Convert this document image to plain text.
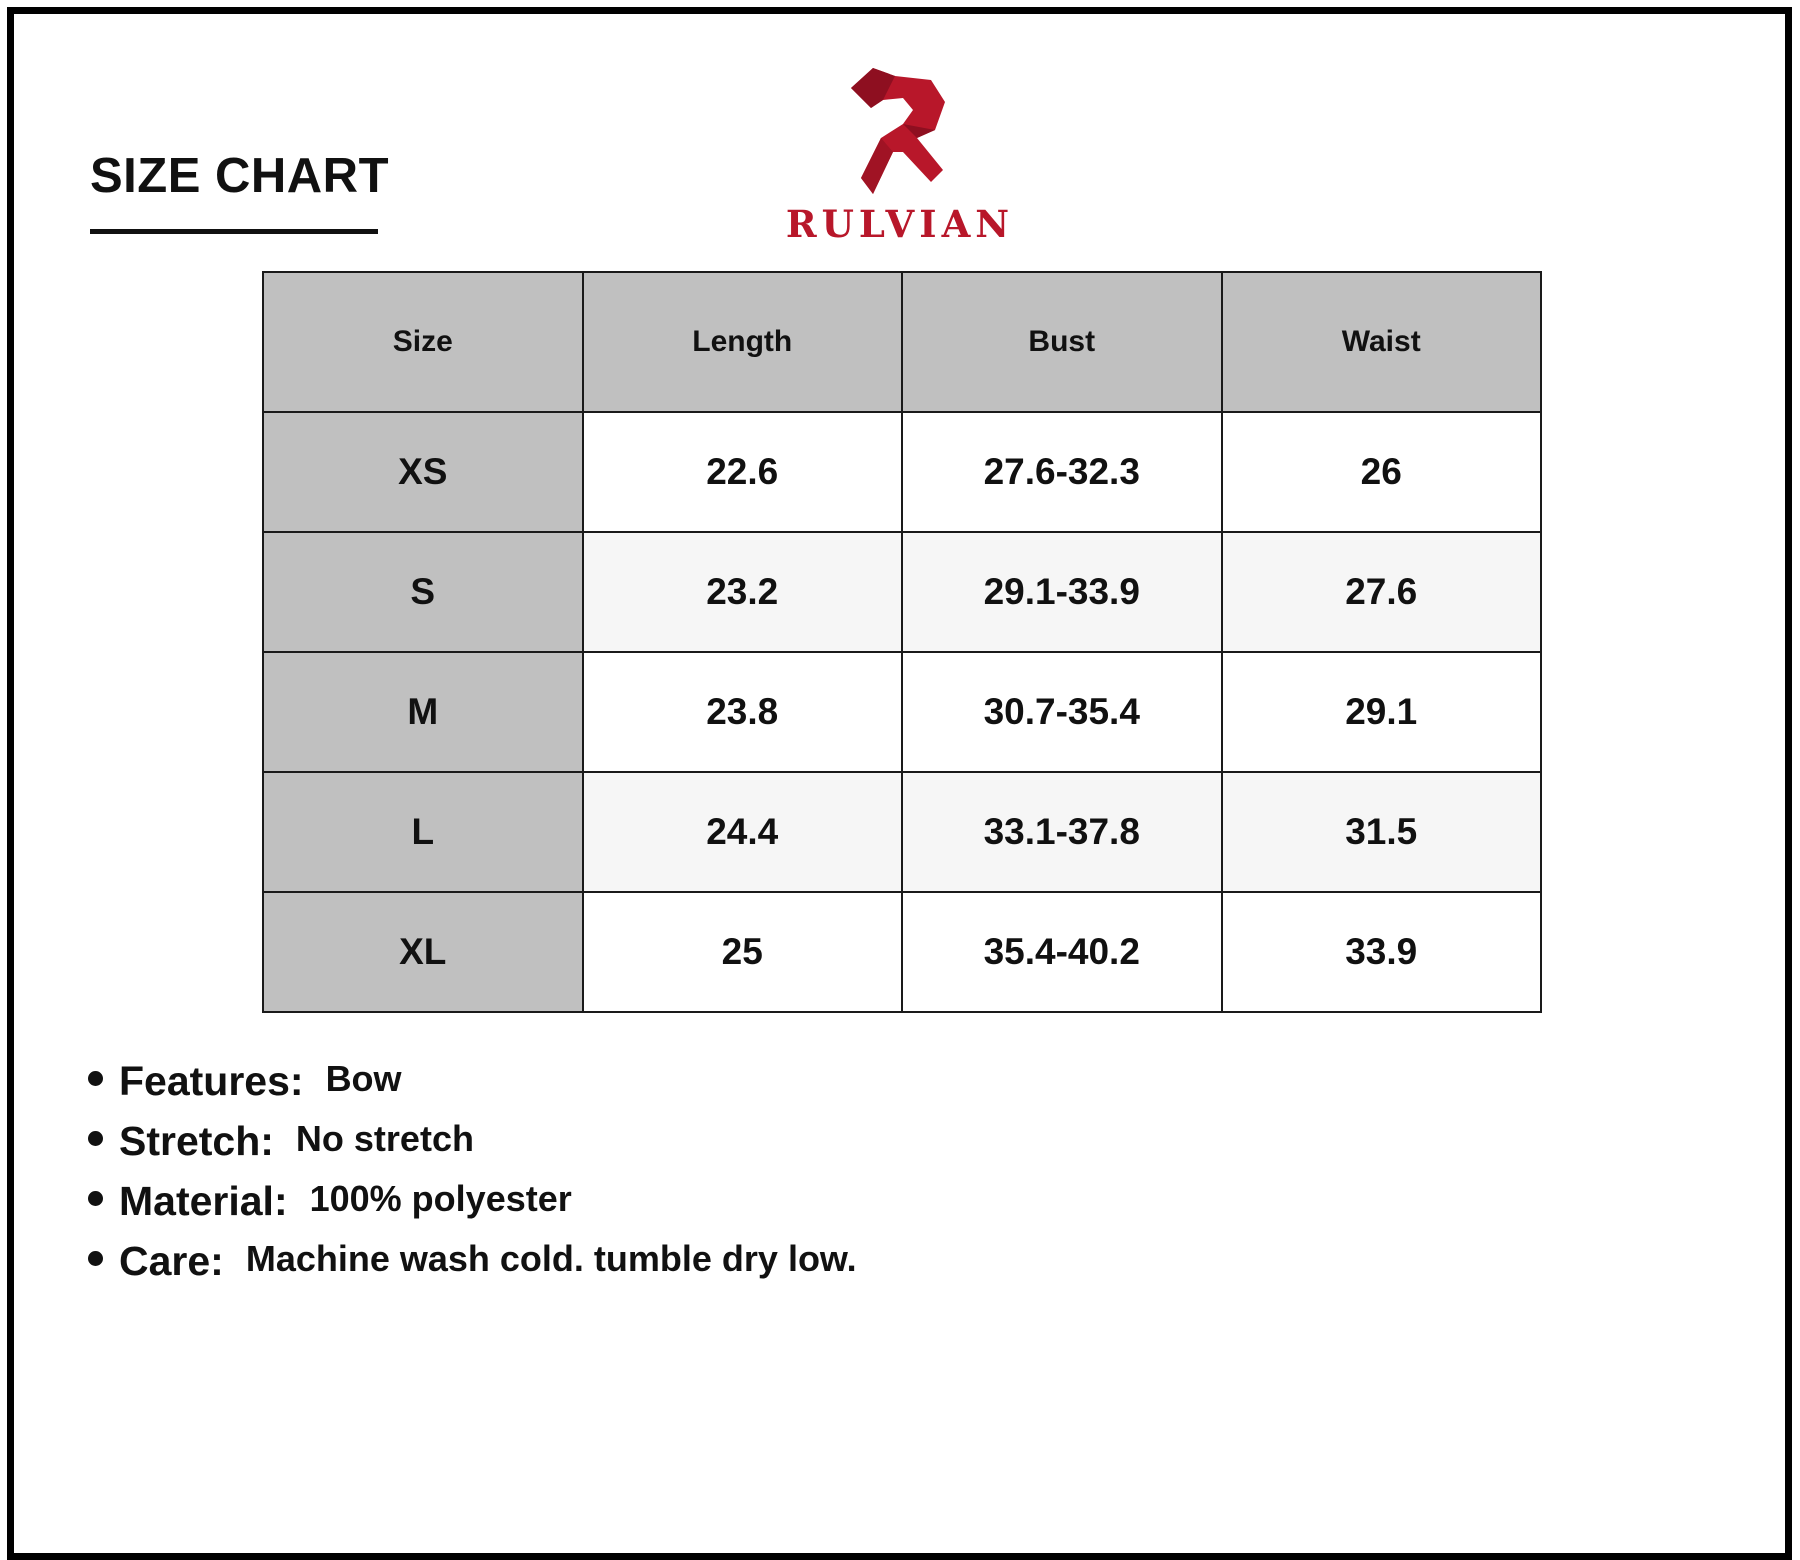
SIZE CHART
RULVIAN
Size	Length	Bust	Waist
XS	22.6	27.6-32.3	26
S	23.2	29.1-33.9	27.6
M	23.8	30.7-35.4	29.1
L	24.4	33.1-37.8	31.5
XL	25	35.4-40.2	33.9
Features: Bow
Stretch: No stretch
Material: 100% polyester
Care: Machine wash cold. tumble dry low.
